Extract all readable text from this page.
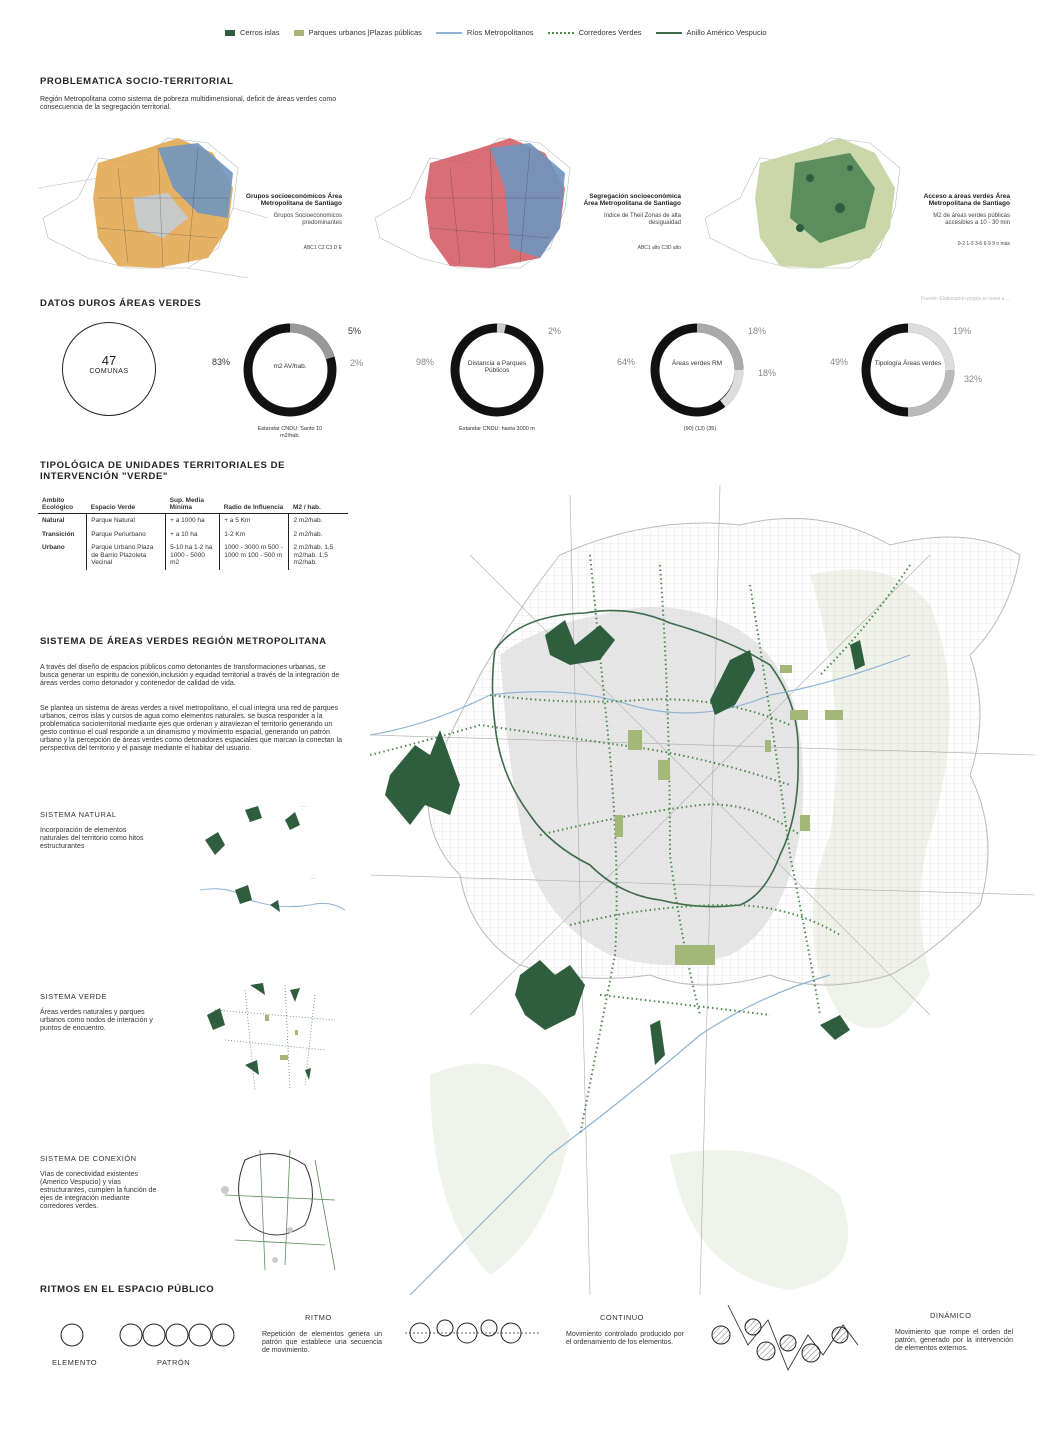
Cerros islas	Parques urbanos |Plazas públicas	Ríos Metropolitanos	Corredores Verdes	Anillo Américo Vespucio
PROBLEMATICA SOCIO-TERRITORIAL
Región Metropolitana como sistema de pobreza multidimensional, deficit de áreas verdes como consecuencia de la segregación territorial.
Grupos socioeconómicos Área Metropolitana de Santiago
Grupos Socioeconomicos predominantes
ABC1 C2 C3 D E
Segregación socioeconómica Área Metropolitana de Santiago
Indice de Theil Zonas de alta desigualdad
ABC1 alto C3D alto
Acceso a áreas verdes Área Metropolitana de Santiago
M2 de áreas verdes públicas accesibles a 10 - 30 min
0-2 1-3 3-6 6-9 9 o más
DATOS DUROS ÁREAS VERDES	Fuente: Elaboración propia en base a ...
47
COMUNAS
m2 AV/hab.
83%
5%
2%
Estandar CNDU: Santo 10 m2/hab.
Distancia a Parques Públicos
98%
2%
Estandar CNDU: hasta 3000 m
Áreas verdes RM
64%
18%
18%
(90) (13) (35)
Tipología Áreas verdes
49%
19%
32%
TIPOLÓGICA DE UNIDADES TERRITORIALES DE
INTERVENCIÓN "VERDE"
Ambito Ecológico	Espacio Verde	Sup. Media Mínima	Radio de Influencia	M2 / hab.
Natural	Parque Natural	+ a 1000 ha	+ a 5 Km	2 m2/hab.
Transición	Parque Periurbano	+ a 10 ha	1-2 Km	2 m2/hab.
Urbano	Parque Urbano Plaza de Barrio Plazoleta Vecinal	5-10 ha 1-2 ha 1000 - 5000 m2	1000 - 3000 m 500 - 1000 m 100 - 500 m	2 m2/hab. 1,5 m2/hab. 1,5 m2/hab.
SISTEMA DE ÁREAS VERDES REGIÓN METROPOLITANA
A través del diseño de espacios públicos como detonantes de transformaciones urbanas, se busca generar un espiritu de conexión,inclusión y equidad territorial a través de la integración de áreas verdes como detonador y contenedor de calidad de vida.
Se plantea un sistema de áreas verdes a nivel metropolitano, el cual integra una red de parques urbanos, cerros islas y cursos de agua como elementos naturales. se busca responder a la problematica socioterritorial mediante ejes que ordenan y atraviezan el territorio generando un gesto continuo el cual responde a un dinamismo y movimiento espacial, generando un patrón urbano y la percepción de áreas verdes como detonadores espaciales que marcan la conectan la perspectiva del territorio y el paisaje mediante el habitar del usuario.
SISTEMA NATURAL
Incorporación de elementos naturales del territorio como hitos estructurantes
·····
····
SISTEMA VERDE
Áreas verdes naturales y parques urbanos como nodos de interación y puntos de encuentro.
SISTEMA DE CONEXIÓN
Vías de conectividad existentes (Americo Vespucio) y vías estructurantes, cumplen la función de ejes de integración mediante corredores verdes.
RITMOS EN EL ESPACIO PÚBLICO
ELEMENTO	PATRÓN
RITMO
Repetición de elementos genera un patrón que establece una secuencia de movimiento.
CONTINUO
Movimiento controlado producido por el ordenamiento de los elementos.
DINÁMICO
Movimiento que rompe el orden del patrón, generado por la intervención de elementos externos.
